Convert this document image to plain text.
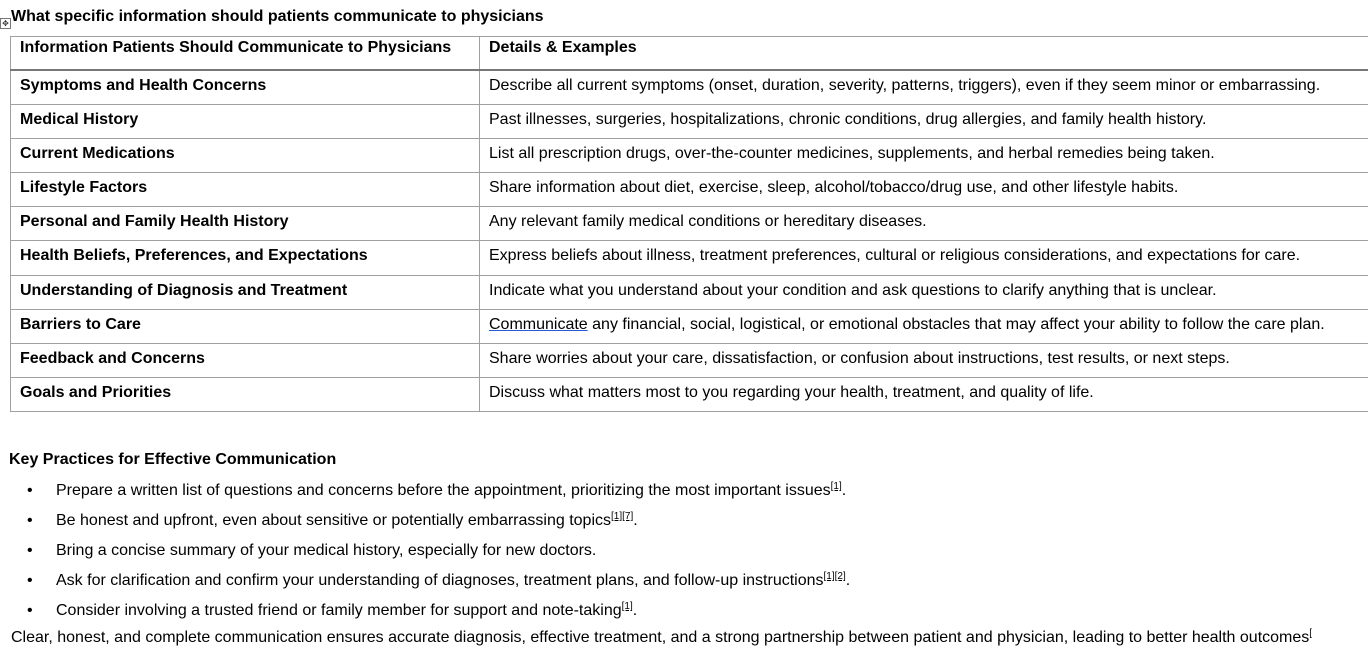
✥ What specific information should patients communicate to physicians
Information Patients Should Communicate to Physicians	Details & Examples
Symptoms and Health Concerns	Describe all current symptoms (onset, duration, severity, patterns, triggers), even if they seem minor or embarrassing.
Medical History	Past illnesses, surgeries, hospitalizations, chronic conditions, drug allergies, and family health history.
Current Medications	List all prescription drugs, over-the-counter medicines, supplements, and herbal remedies being taken.
Lifestyle Factors	Share information about diet, exercise, sleep, alcohol/tobacco/drug use, and other lifestyle habits.
Personal and Family Health History	Any relevant family medical conditions or hereditary diseases.
Health Beliefs, Preferences, and Expectations	Express beliefs about illness, treatment preferences, cultural or religious considerations, and expectations for care.
Understanding of Diagnosis and Treatment	Indicate what you understand about your condition and ask questions to clarify anything that is unclear.
Barriers to Care	Communicate any financial, social, logistical, or emotional obstacles that may affect your ability to follow the care plan.
Feedback and Concerns	Share worries about your care, dissatisfaction, or confusion about instructions, test results, or next steps.
Goals and Priorities	Discuss what matters most to you regarding your health, treatment, and quality of life.
Key Practices for Effective Communication
• Prepare a written list of questions and concerns before the appointment, prioritizing the most important issues[1].
• Be honest and upfront, even about sensitive or potentially embarrassing topics[1][7].
• Bring a concise summary of your medical history, especially for new doctors.
• Ask for clarification and confirm your understanding of diagnoses, treatment plans, and follow-up instructions[1][2].
• Consider involving a trusted friend or family member for support and note-taking[1].
Clear, honest, and complete communication ensures accurate diagnosis, effective treatment, and a strong partnership between patient and physician, leading to better health outcomes[
